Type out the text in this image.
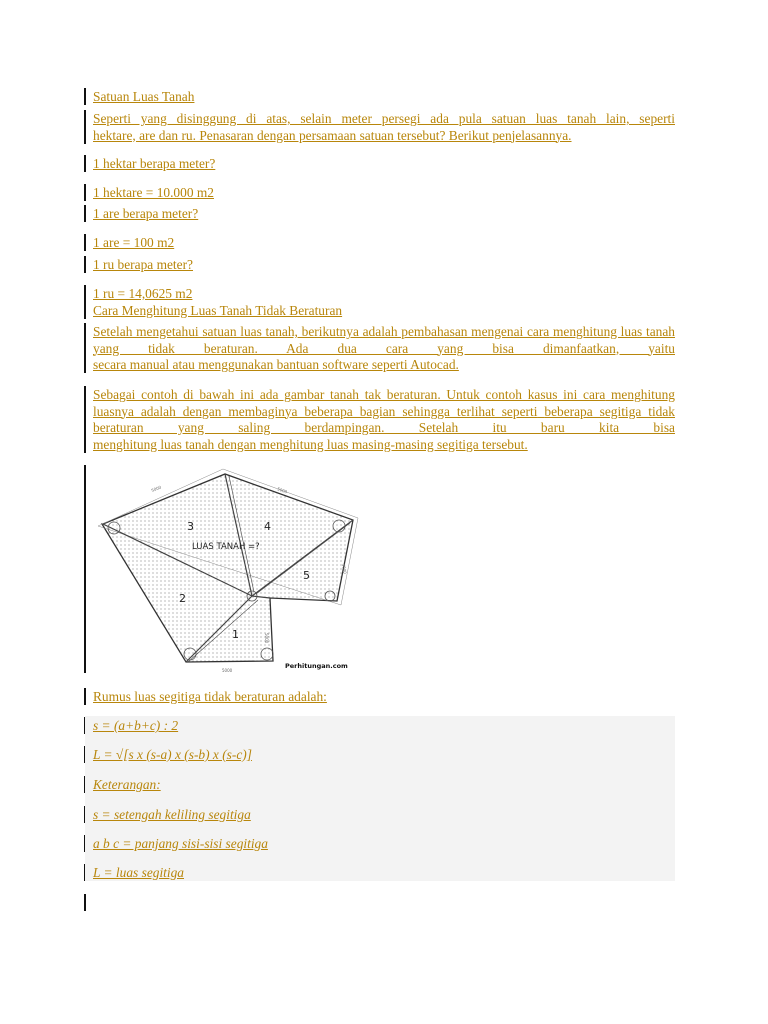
Satuan Luas Tanah
Seperti yang disinggung di atas, selain meter persegi ada pula satuan luas tanah lain, seperti
hektare, are dan ru. Penasaran dengan persamaan satuan tersebut? Berikut penjelasannya.
1 hektar berapa meter?
1 hektare = 10.000 m2
1 are berapa meter?
1 are = 100 m2
1 ru berapa meter?
1 ru = 14,0625 m2
Cara Menghitung Luas Tanah Tidak Beraturan
Setelah mengetahui satuan luas tanah, berikutnya adalah pembahasan mengenai cara menghitung luas tanah yang tidak beraturan. Ada dua cara yang bisa dimanfaatkan, yaitu
secara manual atau menggunakan bantuan software seperti Autocad.
Sebagai contoh di bawah ini ada gambar tanah tak beraturan. Untuk contoh kasus ini cara menghitung luasnya adalah dengan membaginya beberapa bagian sehingga terlihat seperti beberapa segitiga tidak beraturan yang saling berdampingan. Setelah itu baru kita bisa
menghitung luas tanah dengan menghitung luas masing-masing segitiga tersebut.
5000	5000
5000
5000
5000
3	4
LUAS TANAH =?
5
2
1
Perhitungan.com
Rumus luas segitiga tidak beraturan adalah:
s = (a+b+c) : 2
L = √[s x (s-a) x (s-b) x (s-c)]
Keterangan:
s = setengah keliling segitiga
a b c = panjang sisi-sisi segitiga
L = luas segitiga
